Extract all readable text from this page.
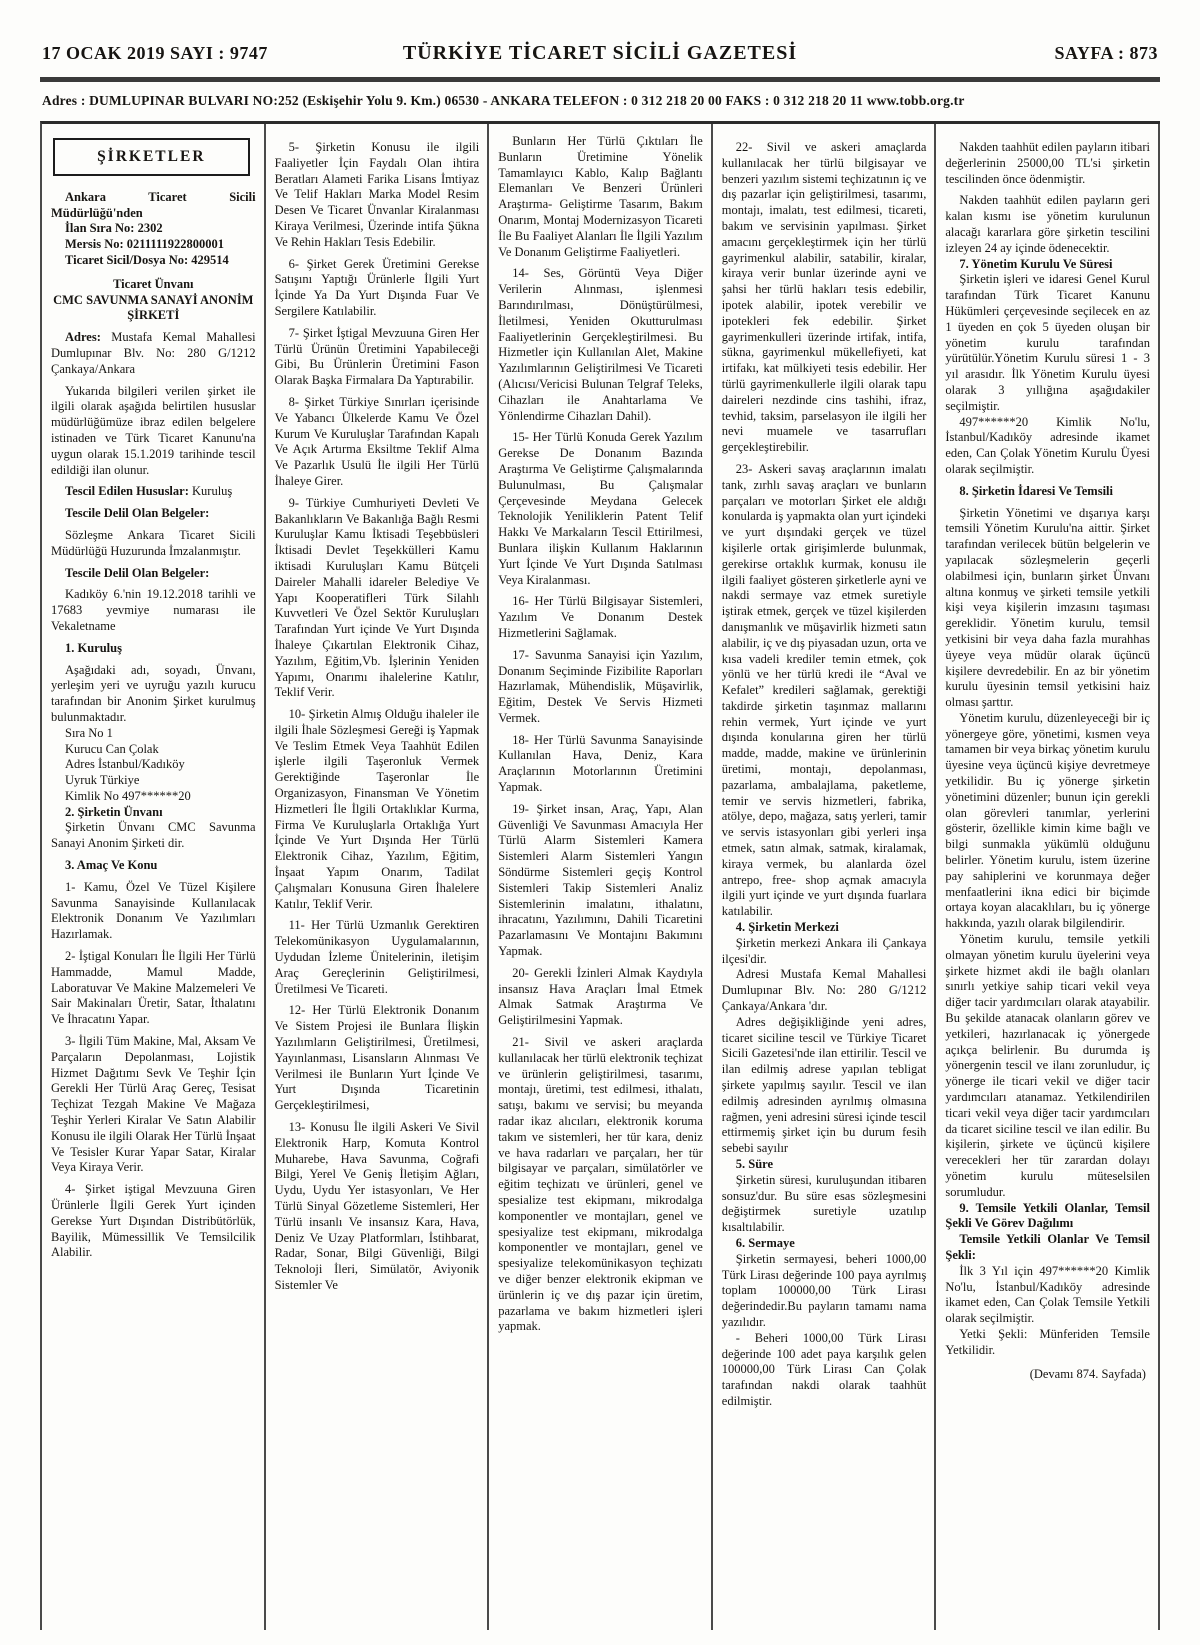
17 OCAK 2019 SAYI : 9747	TÜRKİYE TİCARET SİCİLİ GAZETESİ	SAYFA : 873
Adres : DUMLUPINAR BULVARI NO:252 (Eskişehir Yolu 9. Km.) 06530 - ANKARA TELEFON : 0 312 218 20 00 FAKS : 0 312 218 20 11 www.tobb.org.tr
ŞİRKETLER
Ankara Ticaret Sicili Müdürlüğü'nden
İlan Sıra No: 2302
Mersis No: 0211111922800001
Ticaret Sicil/Dosya No: 429514
Ticaret Ünvanı
CMC SAVUNMA SANAYİ ANONİM ŞİRKETİ
Adres: Mustafa Kemal Mahallesi Dumlupınar Blv. No: 280 G/1212 Çankaya/Ankara
Yukarıda bilgileri verilen şirket ile ilgili olarak aşağıda belirtilen hususlar müdürlüğümüze ibraz edilen belgelere istinaden ve Türk Ticaret Kanunu'na uygun olarak 15.1.2019 tarihinde tescil edildiği ilan olunur.
Tescil Edilen Hususlar: Kuruluş
Tescile Delil Olan Belgeler:
Sözleşme Ankara Ticaret Sicili Müdürlüğü Huzurunda İmzalanmıştır.
Tescile Delil Olan Belgeler:
Kadıköy 6.'nin 19.12.2018 tarihli ve 17683 yevmiye numarası ile Vekaletname
1. Kuruluş
Aşağıdaki adı, soyadı, Ünvanı, yerleşim yeri ve uyruğu yazılı kurucu tarafından bir Anonim Şirket kurulmuş bulunmaktadır.
Sıra No 1
Kurucu Can Çolak
Adres İstanbul/Kadıköy
Uyruk Türkiye
Kimlik No 497******20
2. Şirketin Ünvanı
Şirketin Ünvanı CMC Savunma Sanayi Anonim Şirketi dir.
3. Amaç Ve Konu
1- Kamu, Özel Ve Tüzel Kişilere Savunma Sanayisinde Kullanılacak Elektronik Donanım Ve Yazılımları Hazırlamak.
2- İştigal Konuları İle İlgili Her Türlü Hammadde, Mamul Madde, Laboratuvar Ve Makine Malzemeleri Ve Sair Makinaları Üretir, Satar, İthalatını Ve İhracatını Yapar.
3- İlgili Tüm Makine, Mal, Aksam Ve Parçaların Depolanması, Lojistik Hizmet Dağıtımı Sevk Ve Teşhir İçin Gerekli Her Türlü Araç Gereç, Tesisat Teçhizat Tezgah Makine Ve Mağaza Teşhir Yerleri Kiralar Ve Satın Alabilir Konusu ile ilgili Olarak Her Türlü İnşaat Ve Tesisler Kurar Yapar Satar, Kiralar Veya Kiraya Verir.
4- Şirket iştigal Mevzuuna Giren Ürünlerle İlgili Gerek Yurt içinden Gerekse Yurt Dışından Distribütörlük, Bayilik, Mümessillik Ve Temsilcilik Alabilir.
5- Şirketin Konusu ile ilgili Faaliyetler İçin Faydalı Olan ihtira Beratları Alameti Farika Lisans İmtiyaz Ve Telif Hakları Marka Model Resim Desen Ve Ticaret Ünvanlar Kiralanması Kiraya Verilmesi, Üzerinde intifa Şükna Ve Rehin Hakları Tesis Edebilir.
6- Şirket Gerek Üretimini Gerekse Satışını Yaptığı Ürünlerle İlgili Yurt İçinde Ya Da Yurt Dışında Fuar Ve Sergilere Katılabilir.
7- Şirket İştigal Mevzuuna Giren Her Türlü Ürünün Üretimini Yapabileceği Gibi, Bu Ürünlerin Üretimini Fason Olarak Başka Firmalara Da Yaptırabilir.
8- Şirket Türkiye Sınırları içerisinde Ve Yabancı Ülkelerde Kamu Ve Özel Kurum Ve Kuruluşlar Tarafından Kapalı Ve Açık Artırma Eksiltme Teklif Alma Ve Pazarlık Usulü İle ilgili Her Türlü İhaleye Girer.
9- Türkiye Cumhuriyeti Devleti Ve Bakanlıkların Ve Bakanlığa Bağlı Resmi Kuruluşlar Kamu İktisadi Teşebbüsleri İktisadi Devlet Teşekkülleri Kamu iktisadi Kuruluşları Kamu Bütçeli Daireler Mahalli idareler Belediye Ve Yapı Kooperatifleri Türk Silahlı Kuvvetleri Ve Özel Sektör Kuruluşları Tarafından Yurt içinde Ve Yurt Dışında İhaleye Çıkartılan Elektronik Cihaz, Yazılım, Eğitim,Vb. İşlerinin Yeniden Yapımı, Onarımı ihalelerine Katılır, Teklif Verir.
10- Şirketin Almış Olduğu ihaleler ile ilgili İhale Sözleşmesi Gereği iş Yapmak Ve Teslim Etmek Veya Taahhüt Edilen işlerle ilgili Taşeronluk Vermek Gerektiğinde Taşeronlar İle Organizasyon, Finansman Ve Yönetim Hizmetleri İle İlgili Ortaklıklar Kurma, Firma Ve Kuruluşlarla Ortaklığa Yurt İçinde Ve Yurt Dışında Her Türlü Elektronik Cihaz, Yazılım, Eğitim, İnşaat Yapım Onarım, Tadilat Çalışmaları Konusuna Giren İhalelere Katılır, Teklif Verir.
11- Her Türlü Uzmanlık Gerektiren Telekomünikasyon Uygulamalarının, Uydudan İzleme Ünitelerinin, iletişim Araç Gereçlerinin Geliştirilmesi, Üretilmesi Ve Ticareti.
12- Her Türlü Elektronik Donanım Ve Sistem Projesi ile Bunlara İlişkin Yazılımların Geliştirilmesi, Üretilmesi, Yayınlanması, Lisansların Alınması Ve Verilmesi ile Bunların Yurt İçinde Ve Yurt Dışında Ticaretinin Gerçekleştirilmesi,
13- Konusu İle ilgili Askeri Ve Sivil Elektronik Harp, Komuta Kontrol Muharebe, Hava Savunma, Coğrafi Bilgi, Yerel Ve Geniş İletişim Ağları, Uydu, Uydu Yer istasyonları, Ve Her Türlü Sinyal Gözetleme Sistemleri, Her Türlü insanlı Ve insansız Kara, Hava, Deniz Ve Uzay Platformları, İstihbarat, Radar, Sonar, Bilgi Güvenliği, Bilgi Teknoloji İleri, Simülatör, Aviyonik Sistemler Ve
Bunların Her Türlü Çıktıları İle Bunların Üretimine Yönelik Tamamlayıcı Kablo, Kalıp Bağlantı Elemanları Ve Benzeri Ürünleri Araştırma- Geliştirme Tasarım, Bakım Onarım, Montaj Modernizasyon Ticareti İle Bu Faaliyet Alanları İle İlgili Yazılım Ve Donanım Geliştirme Faaliyetleri.
14- Ses, Görüntü Veya Diğer Verilerin Alınması, işlenmesi Barındırılması, Dönüştürülmesi, İletilmesi, Yeniden Okutturulması Faaliyetlerinin Gerçekleştirilmesi. Bu Hizmetler için Kullanılan Alet, Makine Yazılımlarının Geliştirilmesi Ve Ticareti (Alıcısı/Vericisi Bulunan Telgraf Teleks, Cihazları ile Anahtarlama Ve Yönlendirme Cihazları Dahil).
15- Her Türlü Konuda Gerek Yazılım Gerekse De Donanım Bazında Araştırma Ve Geliştirme Çalışmalarında Bulunulması, Bu Çalışmalar Çerçevesinde Meydana Gelecek Teknolojik Yeniliklerin Patent Telif Hakkı Ve Markaların Tescil Ettirilmesi, Bunlara ilişkin Kullanım Haklarının Yurt İçinde Ve Yurt Dışında Satılması Veya Kiralanması.
16- Her Türlü Bilgisayar Sistemleri, Yazılım Ve Donanım Destek Hizmetlerini Sağlamak.
17- Savunma Sanayisi için Yazılım, Donanım Seçiminde Fizibilite Raporları Hazırlamak, Mühendislik, Müşavirlik, Eğitim, Destek Ve Servis Hizmeti Vermek.
18- Her Türlü Savunma Sanayisinde Kullanılan Hava, Deniz, Kara Araçlarının Motorlarının Üretimini Yapmak.
19- Şirket insan, Araç, Yapı, Alan Güvenliği Ve Savunması Amacıyla Her Türlü Alarm Sistemleri Kamera Sistemleri Alarm Sistemleri Yangın Söndürme Sistemleri geçiş Kontrol Sistemleri Takip Sistemleri Analiz Sistemlerinin imalatını, ithalatını, ihracatını, Yazılımını, Dahili Ticaretini Pazarlamasını Ve Montajını Bakımını Yapmak.
20- Gerekli İzinleri Almak Kaydıyla insansız Hava Araçları İmal Etmek Almak Satmak Araştırma Ve Geliştirilmesini Yapmak.
21- Sivil ve askeri araçlarda kullanılacak her türlü elektronik teçhizat ve ürünlerin geliştirilmesi, tasarımı, montajı, üretimi, test edilmesi, ithalatı, satışı, bakımı ve servisi; bu meyanda radar ikaz alıcıları, elektronik koruma takım ve sistemleri, her tür kara, deniz ve hava radarları ve parçaları, her tür bilgisayar ve parçaları, simülatörler ve eğitim teçhizatı ve ürünleri, genel ve spesialize test ekipmanı, mikrodalga komponentler ve montajları, genel ve spesiyalize test ekipmanı, mikrodalga komponentler ve montajları, genel ve spesiyalize telekomünikasyon teçhizatı ve diğer benzer elektronik ekipman ve ürünlerin iç ve dış pazar için üretim, pazarlama ve bakım hizmetleri işleri yapmak.
22- Sivil ve askeri amaçlarda kullanılacak her türlü bilgisayar ve benzeri yazılım sistemi teçhizatının iç ve dış pazarlar için geliştirilmesi, tasarımı, montajı, imalatı, test edilmesi, ticareti, bakım ve servisinin yapılması. Şirket amacını gerçekleştirmek için her türlü gayrimenkul alabilir, satabilir, kiralar, kiraya verir bunlar üzerinde ayni ve şahsi her türlü hakları tesis edebilir, ipotek alabilir, ipotek verebilir ve ipotekleri fek edebilir. Şirket gayrimenkulleri üzerinde irtifak, intifa, sükna, gayrimenkul mükellefiyeti, kat irtifakı, kat mülkiyeti tesis edebilir. Her türlü gayrimenkullerle ilgili olarak tapu daireleri nezdinde cins tashihi, ifraz, tevhid, taksim, parselasyon ile ilgili her nevi muamele ve tasarrufları gerçekleştirebilir.
23- Askeri savaş araçlarının imalatı tank, zırhlı savaş araçları ve bunların parçaları ve motorları Şirket ele aldığı konularda iş yapmakta olan yurt içindeki ve yurt dışındaki gerçek ve tüzel kişilerle ortak girişimlerde bulunmak, gerekirse ortaklık kurmak, konusu ile ilgili faaliyet gösteren şirketlerle ayni ve nakdi sermaye vaz etmek suretiyle iştirak etmek, gerçek ve tüzel kişilerden danışmanlık ve müşavirlik hizmeti satın alabilir, iç ve dış piyasadan uzun, orta ve kısa vadeli krediler temin etmek, çok yönlü ve her türlü kredi ile “Aval ve Kefalet” kredileri sağlamak, gerektiği takdirde şirketin taşınmaz mallarını rehin vermek, Yurt içinde ve yurt dışında konularına giren her türlü madde, madde, makine ve ürünlerinin üretimi, montajı, depolanması, pazarlama, ambalajlama, paketleme, temir ve servis hizmetleri, fabrika, atölye, depo, mağaza, satış yerleri, tamir ve servis istasyonları gibi yerleri inşa etmek, satın almak, satmak, kiralamak, kiraya vermek, bu alanlarda özel antrepo, free- shop açmak amacıyla ilgili yurt içinde ve yurt dışında fuarlara katılabilir.
4. Şirketin Merkezi
Şirketin merkezi Ankara ili Çankaya ilçesi'dir.
Adresi Mustafa Kemal Mahallesi Dumlupınar Blv. No: 280 G/1212 Çankaya/Ankara 'dır.
Adres değişikliğinde yeni adres, ticaret siciline tescil ve Türkiye Ticaret Sicili Gazetesi'nde ilan ettirilir. Tescil ve ilan edilmiş adrese yapılan tebligat şirkete yapılmış sayılır. Tescil ve ilan edilmiş adresinden ayrılmış olmasına rağmen, yeni adresini süresi içinde tescil ettirmemiş şirket için bu durum fesih sebebi sayılır
5. Süre
Şirketin süresi, kuruluşundan itibaren sonsuz'dur. Bu süre esas sözleşmesini değiştirmek suretiyle uzatılıp kısaltılabilir.
6. Sermaye
Şirketin sermayesi, beheri 1000,00 Türk Lirası değerinde 100 paya ayrılmış toplam 100000,00 Türk Lirası değerindedir.Bu payların tamamı nama yazılıdır.
- Beheri 1000,00 Türk Lirası değerinde 100 adet paya karşılık gelen 100000,00 Türk Lirası Can Çolak tarafından nakdi olarak taahhüt edilmiştir.
Nakden taahhüt edilen payların itibari değerlerinin 25000,00 TL'si şirketin tescilinden önce ödenmiştir.
Nakden taahhüt edilen payların geri kalan kısmı ise yönetim kurulunun alacağı kararlara göre şirketin tescilini izleyen 24 ay içinde ödenecektir.
7. Yönetim Kurulu Ve Süresi
Şirketin işleri ve idaresi Genel Kurul tarafından Türk Ticaret Kanunu Hükümleri çerçevesinde seçilecek en az 1 üyeden en çok 5 üyeden oluşan bir yönetim kurulu tarafından yürütülür.Yönetim Kurulu süresi 1 - 3 yıl arasıdır. İlk Yönetim Kurulu üyesi olarak 3 yıllığına aşağıdakiler seçilmiştir.
497******20 Kimlik No'lu, İstanbul/Kadıköy adresinde ikamet eden, Can Çolak Yönetim Kurulu Üyesi olarak seçilmiştir.
8. Şirketin İdaresi Ve Temsili
Şirketin Yönetimi ve dışarıya karşı temsili Yönetim Kurulu'na aittir. Şirket tarafından verilecek bütün belgelerin ve yapılacak sözleşmelerin geçerli olabilmesi için, bunların şirket Ünvanı altına konmuş ve şirketi temsile yetkili kişi veya kişilerin imzasını taşıması gereklidir. Yönetim kurulu, temsil yetkisini bir veya daha fazla murahhas üyeye veya müdür olarak üçüncü kişilere devredebilir. En az bir yönetim kurulu üyesinin temsil yetkisini haiz olması şarttır.
Yönetim kurulu, düzenleyeceği bir iç yönergeye göre, yönetimi, kısmen veya tamamen bir veya birkaç yönetim kurulu üyesine veya üçüncü kişiye devretmeye yetkilidir. Bu iç yönerge şirketin yönetimini düzenler; bunun için gerekli olan görevleri tanımlar, yerlerini gösterir, özellikle kimin kime bağlı ve bilgi sunmakla yükümlü olduğunu belirler. Yönetim kurulu, istem üzerine pay sahiplerini ve korunmaya değer menfaatlerini ikna edici bir biçimde ortaya koyan alacaklıları, bu iç yönerge hakkında, yazılı olarak bilgilendirir.
Yönetim kurulu, temsile yetkili olmayan yönetim kurulu üyelerini veya şirkete hizmet akdi ile bağlı olanları sınırlı yetkiye sahip ticari vekil veya diğer tacir yardımcıları olarak atayabilir. Bu şekilde atanacak olanların görev ve yetkileri, hazırlanacak iç yönergede açıkça belirlenir. Bu durumda iş yönergenin tescil ve ilanı zorunludur, iç yönerge ile ticari vekil ve diğer tacir yardımcıları atanamaz. Yetkilendirilen ticari vekil veya diğer tacir yardımcıları da ticaret siciline tescil ve ilan edilir. Bu kişilerin, şirkete ve üçüncü kişilere verecekleri her tür zarardan dolayı yönetim kurulu müteselsilen sorumludur.
9. Temsile Yetkili Olanlar, Temsil Şekli Ve Görev Dağılımı
Temsile Yetkili Olanlar Ve Temsil Şekli:
İlk 3 Yıl için 497******20 Kimlik No'lu, İstanbul/Kadıköy adresinde ikamet eden, Can Çolak Temsile Yetkili olarak seçilmiştir.
Yetki Şekli: Münferiden Temsile Yetkilidir.
(Devamı 874. Sayfada)
